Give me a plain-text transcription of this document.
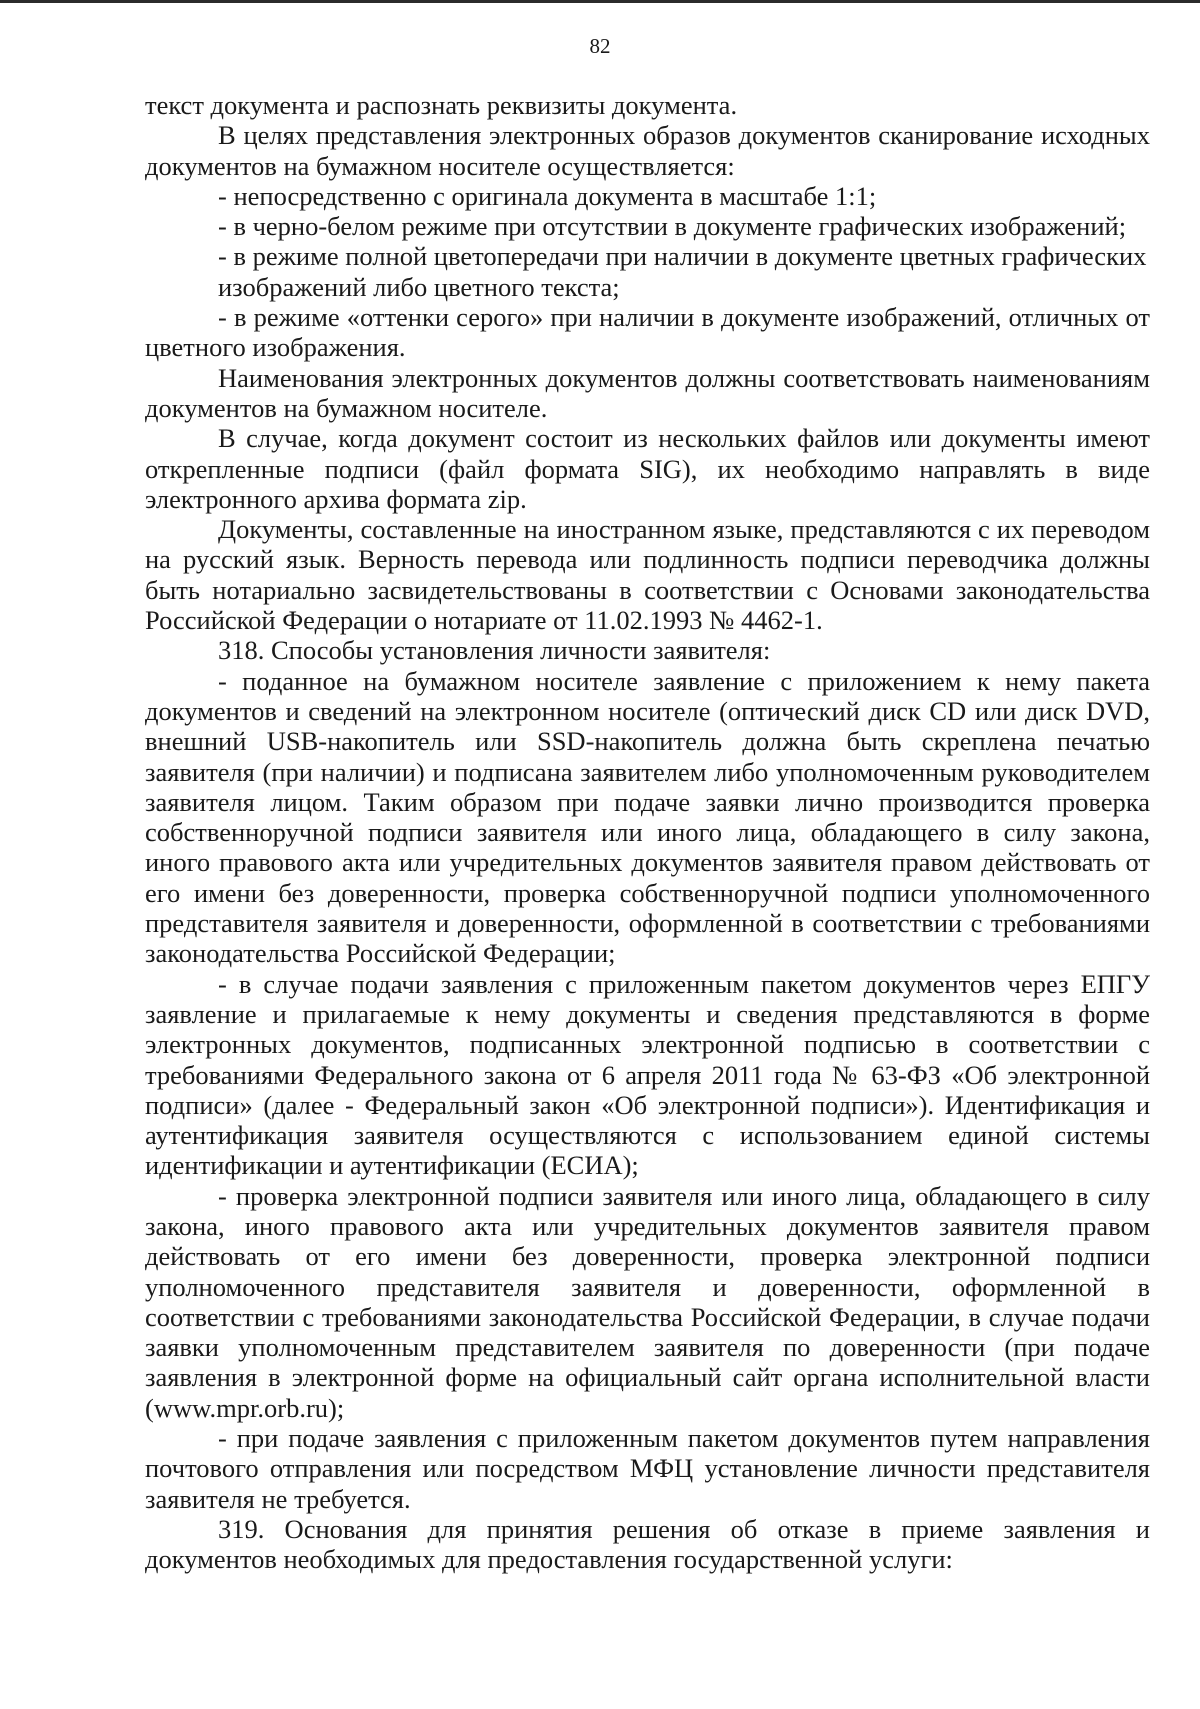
82

текст документа и распознать реквизиты документа.

В целях представления электронных образов документов сканирование исходных документов на бумажном носителе осуществляется:

- непосредственно с оригинала документа в масштабе 1:1;

- в черно-белом режиме при отсутствии в документе графических изображений;

- в режиме полной цветопередачи при наличии в документе цветных графических изображений либо цветного текста;

- в режиме «оттенки серого» при наличии в документе изображений, отличных от цветного изображения.

Наименования электронных документов должны соответствовать наименованиям документов на бумажном носителе.

В случае, когда документ состоит из нескольких файлов или документы имеют открепленные подписи (файл формата SIG), их необходимо направлять в виде электронного архива формата zip.

Документы, составленные на иностранном языке, представляются с их переводом на русский язык. Верность перевода или подлинность подписи переводчика должны быть нотариально засвидетельствованы в соответствии с Основами законодательства Российской Федерации о нотариате от 11.02.1993 № 4462-1.

318. Способы установления личности заявителя:

- поданное на бумажном носителе заявление с приложением к нему пакета документов и сведений на электронном носителе (оптический диск CD или диск DVD, внешний USB-накопитель или SSD-накопитель должна быть скреплена печатью заявителя (при наличии) и подписана заявителем либо уполномоченным руководителем заявителя лицом. Таким образом при подаче заявки лично производится проверка собственноручной подписи заявителя или иного лица, обладающего в силу закона, иного правового акта или учредительных документов заявителя правом действовать от его имени без доверенности, проверка собственноручной подписи уполномоченного представителя заявителя и доверенности, оформленной в соответствии с требованиями законодательства Российской Федерации;

- в случае подачи заявления с приложенным пакетом документов через ЕПГУ заявление и прилагаемые к нему документы и сведения представляются в форме электронных документов, подписанных электронной подписью в соответствии с требованиями Федерального закона от 6 апреля 2011 года № 63-ФЗ «Об электронной подписи» (далее - Федеральный закон «Об электронной подписи»). Идентификация и аутентификация заявителя осуществляются с использованием единой системы идентификации и аутентификации (ЕСИА);

- проверка электронной подписи заявителя или иного лица, обладающего в силу закона, иного правового акта или учредительных документов заявителя правом действовать от его имени без доверенности, проверка электронной подписи уполномоченного представителя заявителя и доверенности, оформленной в соответствии с требованиями законодательства Российской Федерации, в случае подачи заявки уполномоченным представителем заявителя по доверенности (при подаче заявления в электронной форме на официальный сайт органа исполнительной власти (www.mpr.orb.ru);

- при подаче заявления с приложенным пакетом документов путем направления почтового отправления или посредством МФЦ установление личности представителя заявителя не требуется.

319. Основания для принятия решения об отказе в приеме заявления и документов необходимых для предоставления государственной услуги:
